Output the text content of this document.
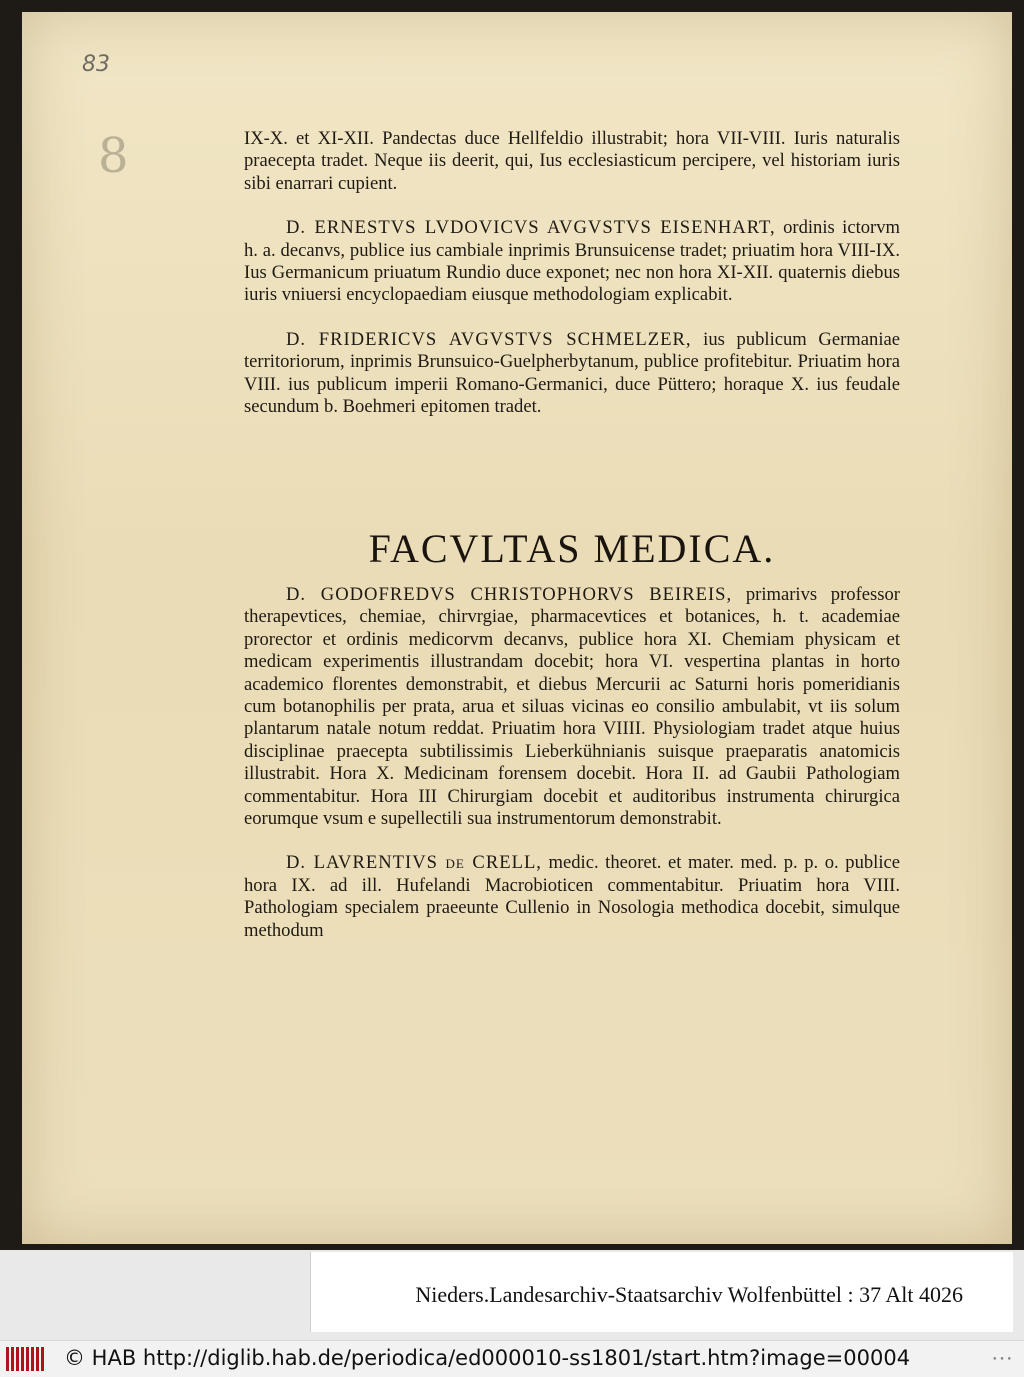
83
8	IX-X. et XI-XII. Pandectas duce Hellfeldio illustrabit; hora VII-VIII. Iuris naturalis praecepta tradet. Neque iis deerit, qui, Ius ecclesiasticum percipere, vel historiam iuris sibi enarrari cupient.

D. ERNESTVS LVDOVICVS AVGVSTVS EISENHART, ordinis ictorvm h. a. decanvs, publice ius cambiale inprimis Brunsuicense tradet; priuatim hora VIII-IX. Ius Germanicum priuatum Rundio duce exponet; nec non hora XI-XII. quaternis diebus iuris vniuersi encyclopaediam eiusque methodologiam explicabit.

D. FRIDERICVS AVGVSTVS SCHMELZER, ius publicum Germaniae territoriorum, inprimis Brunsuico-Guelpherbytanum, publice profitebitur. Priuatim hora VIII. ius publicum imperii Romano-Germanici, duce Püttero; horaque X. ius feudale secundum b. Boehmeri epitomen tradet.

FACVLTAS MEDICA.

D. GODOFREDVS CHRISTOPHORVS BEIREIS, primarivs professor therapevtices, chemiae, chirvrgiae, pharmacevtices et botanices, h. t. academiae prorector et ordinis medicorvm decanvs, publice hora XI. Chemiam physicam et medicam experimentis illustrandam docebit; hora VI. vespertina plantas in horto academico florentes demonstrabit, et diebus Mercurii ac Saturni horis pomeridianis cum botanophilis per prata, arua et siluas vicinas eo consilio ambulabit, vt iis solum plantarum natale notum reddat. Priuatim hora VIIII. Physiologiam tradet atque huius disciplinae praecepta subtilissimis Lieberkühnianis suisque praeparatis anatomicis illustrabit. Hora X. Medicinam forensem docebit. Hora II. ad Gaubii Pathologiam commentabitur. Hora III Chirurgiam docebit et auditoribus instrumenta chirurgica eorumque vsum e supellectili sua instrumentorum demonstrabit.

D. LAVRENTIVS de CRELL, medic. theoret. et mater. med. p. p. o. publice hora IX. ad ill. Hufelandi Macrobioticen commentabitur. Priuatim hora VIII. Pathologiam specialem praeeunte Cullenio in Nosologia methodica docebit, simulque methodum

Nieders.Landesarchiv-Staatsarchiv Wolfenbüttel : 37 Alt 4026
© HAB http://diglib.hab.de/periodica/ed000010-ss1801/start.htm?image=00004	•••
